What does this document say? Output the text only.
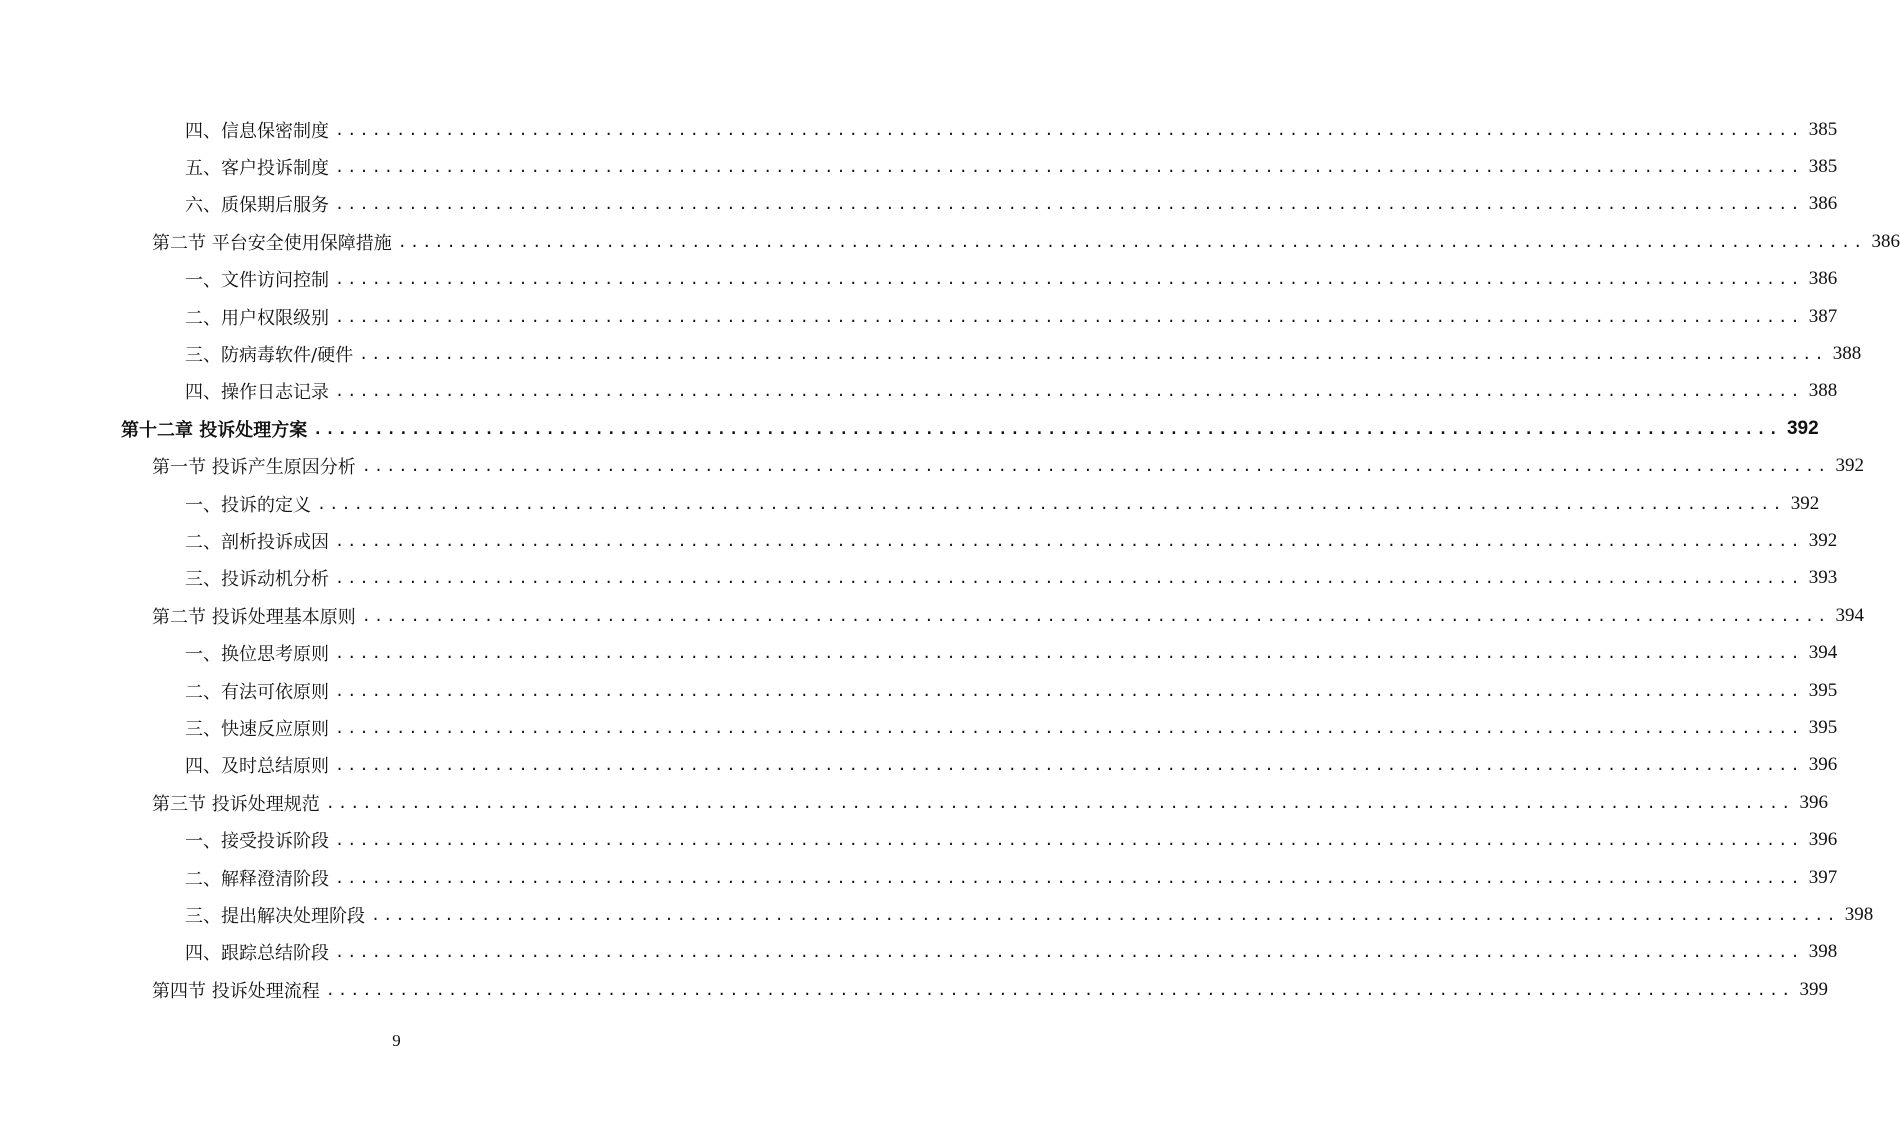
四、信息保密制度 ........................................................................................................................ 385
五、客户投诉制度 ........................................................................................................................ 385
六、质保期后服务 ........................................................................................................................ 386
第二节 平台安全使用保障措施 ........................................................................................................................ 386
一、文件访问控制 ........................................................................................................................ 386
二、用户权限级别 ........................................................................................................................ 387
三、防病毒软件/硬件 ........................................................................................................................ 388
四、操作日志记录 ........................................................................................................................ 388
第十二章 投诉处理方案 ........................................................................................................................ 392
第一节 投诉产生原因分析 ........................................................................................................................ 392
一、投诉的定义 ........................................................................................................................ 392
二、剖析投诉成因 ........................................................................................................................ 392
三、投诉动机分析 ........................................................................................................................ 393
第二节 投诉处理基本原则 ........................................................................................................................ 394
一、换位思考原则 ........................................................................................................................ 394
二、有法可依原则 ........................................................................................................................ 395
三、快速反应原则 ........................................................................................................................ 395
四、及时总结原则 ........................................................................................................................ 396
第三节 投诉处理规范 ........................................................................................................................ 396
一、接受投诉阶段 ........................................................................................................................ 396
二、解释澄清阶段 ........................................................................................................................ 397
三、提出解决处理阶段 ........................................................................................................................ 398
四、跟踪总结阶段 ........................................................................................................................ 398
第四节 投诉处理流程 ........................................................................................................................ 399
9
